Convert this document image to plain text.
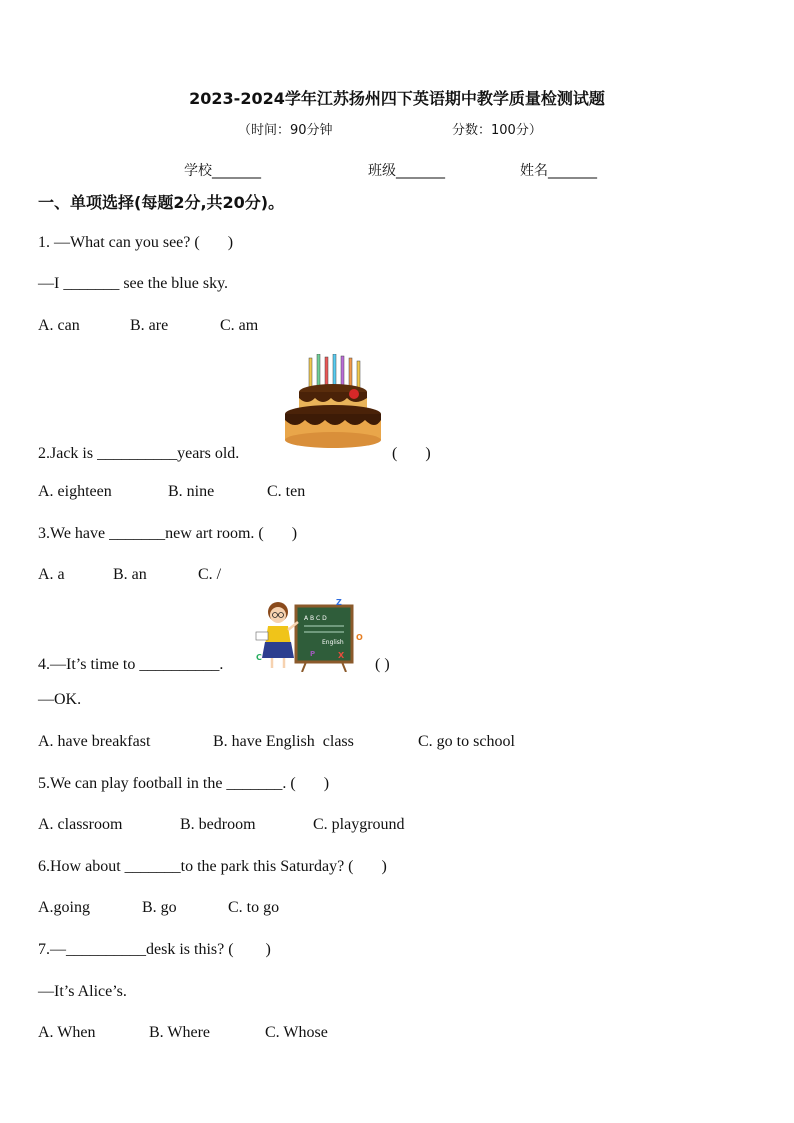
2023-2024学年江苏扬州四下英语期中教学质量检测试题
（时间：90分钟	分数：100分）
学校_______	班级_______	姓名_______
一、单项选择(每题2分,共20分)。
1. —What can you see? (       )
—I _______ see the blue sky.
A. can	B. are	C. am
2.Jack is __________years old.	(       )
A. eighteen	B. nine	C. ten
3.We have _______new art room. (       )
A. a	B. an	C. /
A B C D
English
Z
O
X
P
C
4.—It’s time to __________.	( )
—OK.
A. have breakfast	B. have English  class	C. go to school
5.We can play football in the _______. (       )
A. classroom	B. bedroom	C. playground
6.How about _______to the park this Saturday? (       )
A.going	B. go	C. to go
7.—__________desk is this? (        )
—It’s Alice’s.
A. When	B. Where	C. Whose
